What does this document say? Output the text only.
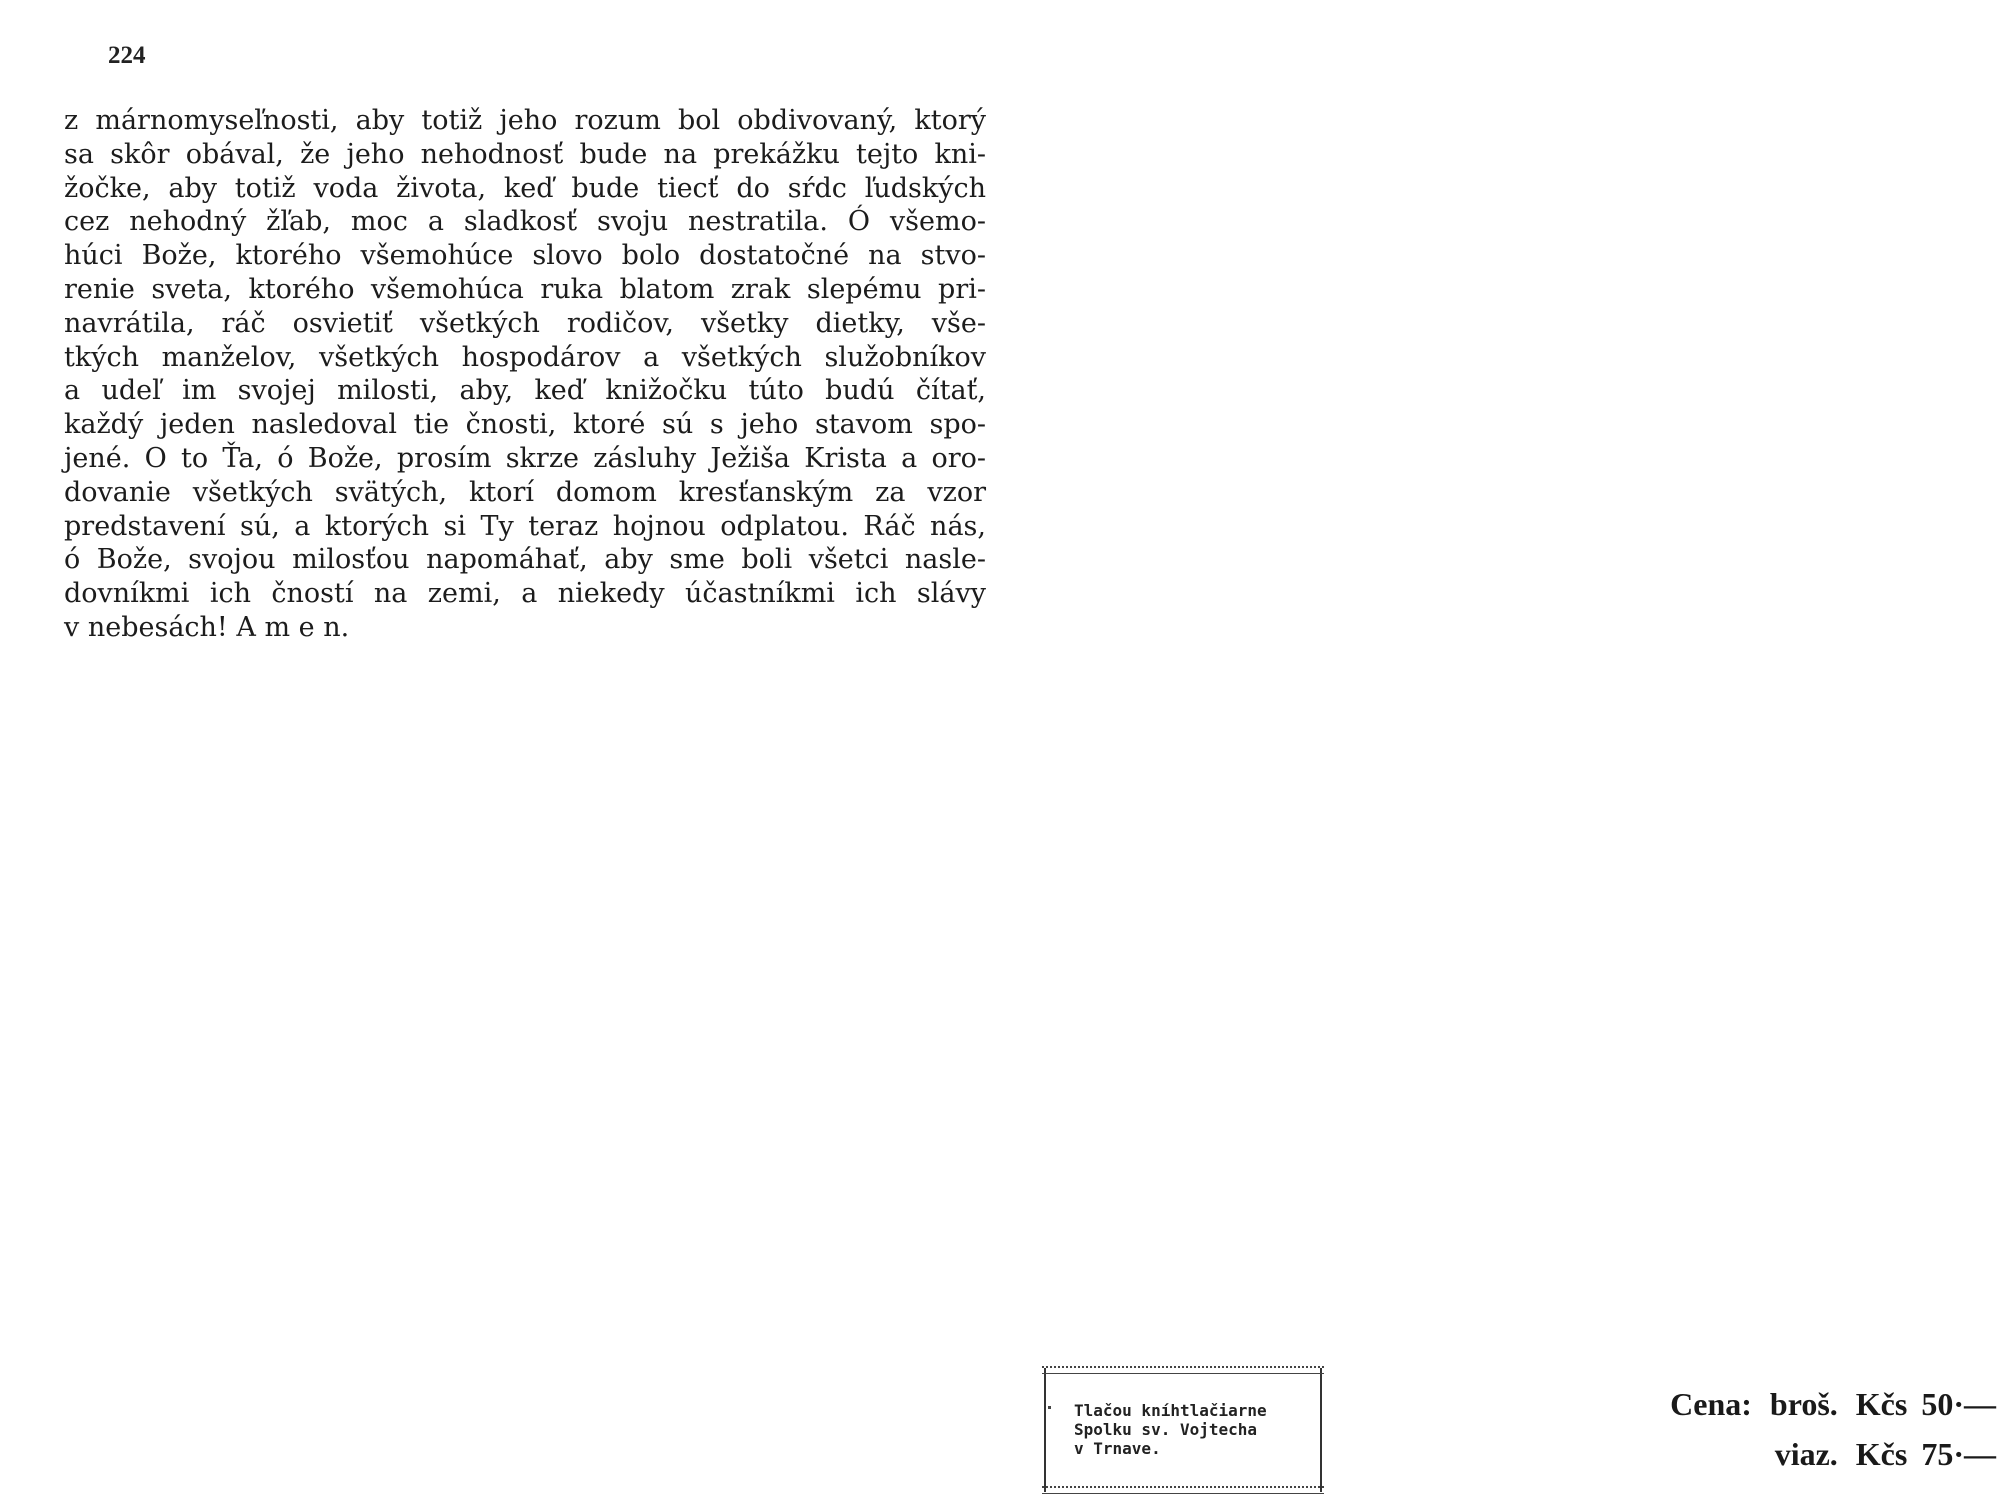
224
z márnomyseľnosti, aby totiž jeho rozum bol obdivovaný, ktorý
sa skôr obával, že jeho nehodnosť bude na prekážku tejto kni-
žočke, aby totiž voda života, keď bude tiecť do sŕdc ľudských
cez nehodný žľab, moc a sladkosť svoju nestratila. Ó všemo-
húci Bože, ktorého všemohúce slovo bolo dostatočné na stvo-
renie sveta, ktorého všemohúca ruka blatom zrak slepému pri-
navrátila, ráč osvietiť všetkých rodičov, všetky dietky, vše-
tkých manželov, všetkých hospodárov a všetkých služobníkov
a udeľ im svojej milosti, aby, keď knižočku túto budú čítať,
každý jeden nasledoval tie čnosti, ktoré sú s jeho stavom spo-
jené. O to Ťa, ó Bože, prosím skrze zásluhy Ježiša Krista a oro-
dovanie všetkých svätých, ktorí domom kresťanským za vzor
predstavení sú, a ktorých si Ty teraz hojnou odplatou. Ráč nás,
ó Bože, svojou milosťou napomáhať, aby sme boli všetci nasle-
dovníkmi ich čností na zemi, a niekedy účastníkmi ich slávy
v nebesách! A m e n.
Tlačou kníhtlačiarne
Spolku sv. Vojtecha
v Trnave.
Cena: broš. Kčs 50·—
viaz. Kčs 75·—
